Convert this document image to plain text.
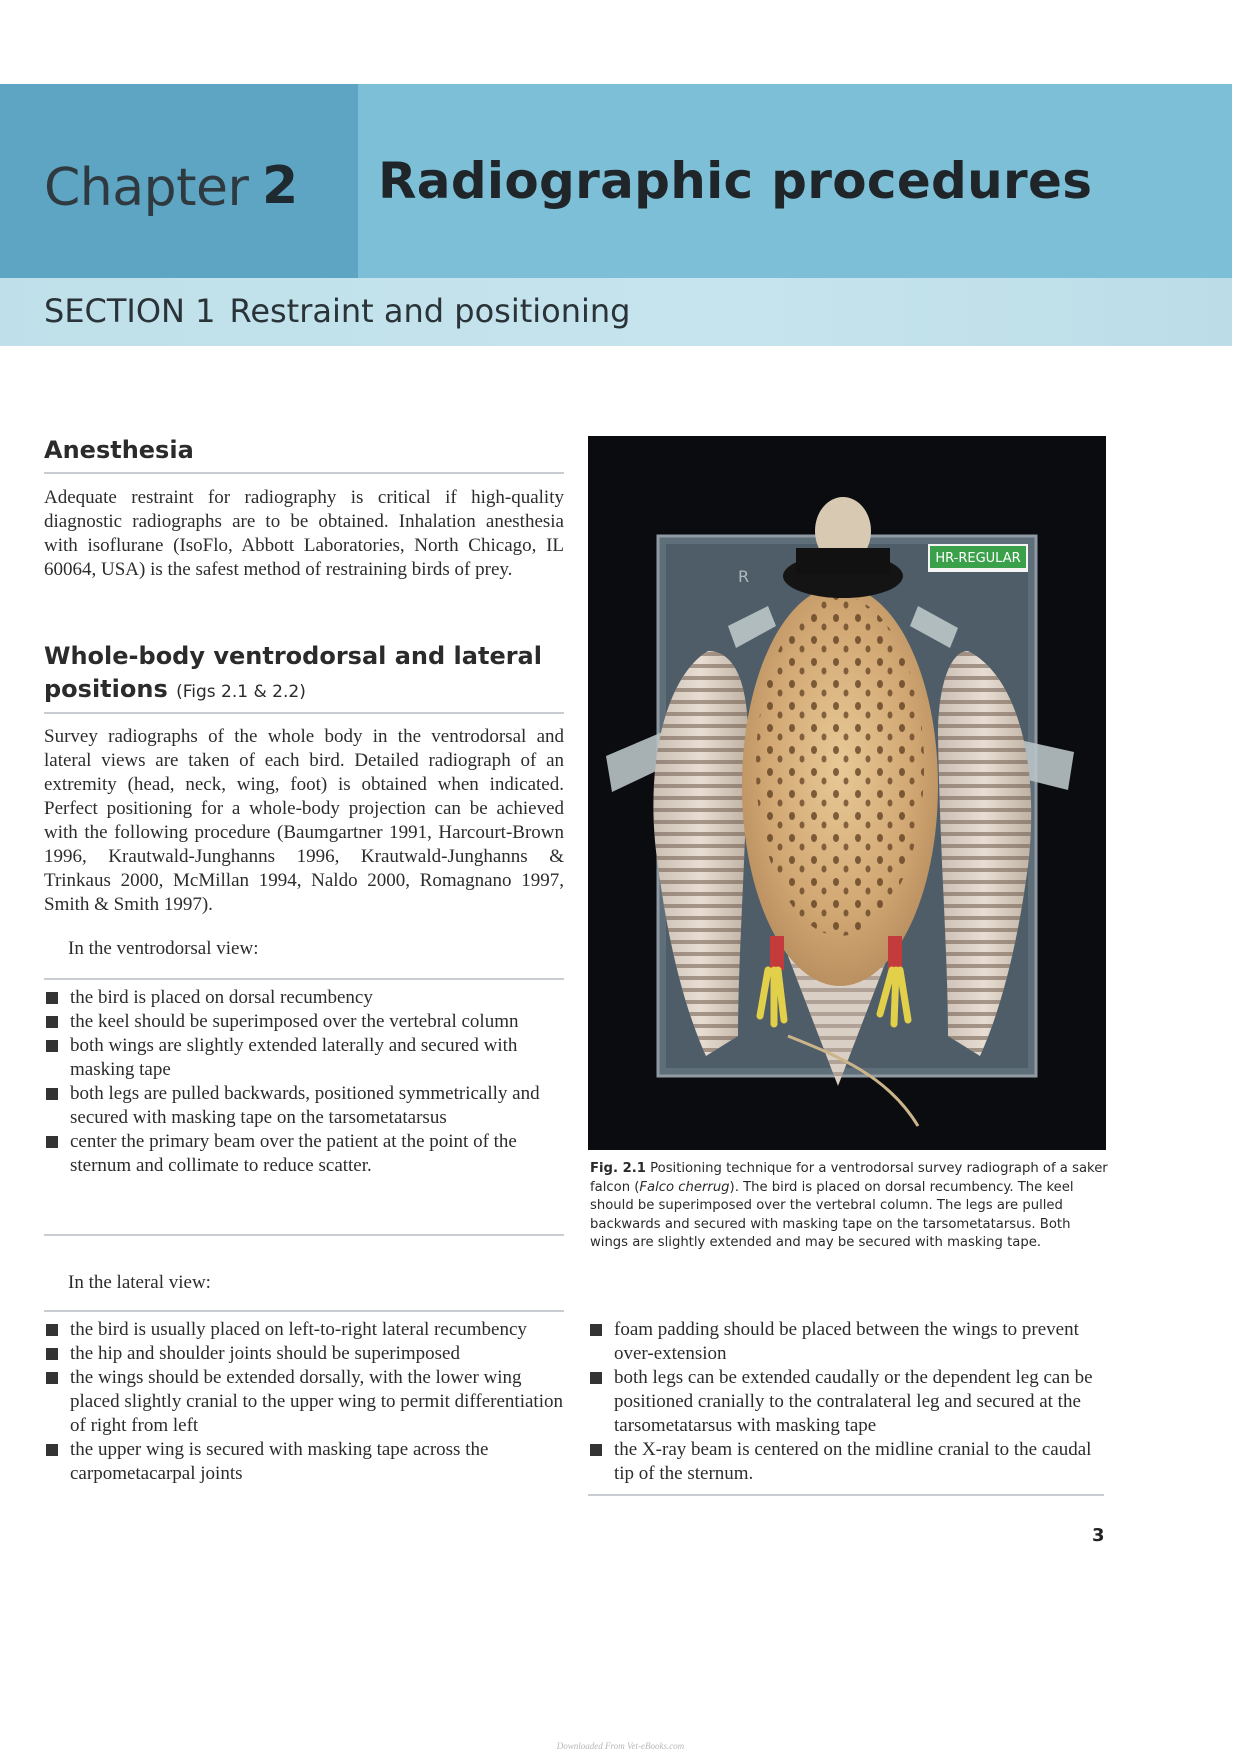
Chapter 2 Radiographic procedures
SECTION 1 Restraint and positioning
Anesthesia
Adequate restraint for radiography is critical if high-quality diagnostic radiographs are to be obtained. Inhalation anesthesia with isoflurane (IsoFlo, Abbott Laboratories, North Chicago, IL 60064, USA) is the safest method of restraining birds of prey.
Whole-body ventrodorsal and lateral positions (Figs 2.1 & 2.2)
Survey radiographs of the whole body in the ventrodorsal and lateral views are taken of each bird. Detailed radiograph of an extremity (head, neck, wing, foot) is obtained when indicated. Perfect positioning for a whole-body projection can be achieved with the following procedure (Baumgartner 1991, Harcourt-Brown 1996, Krautwald-Junghanns 1996, Krautwald-Junghanns & Trinkaus 2000, McMillan 1994, Naldo 2000, Romagnano 1997, Smith & Smith 1997).
In the ventrodorsal view:
the bird is placed on dorsal recumbency
the keel should be superimposed over the vertebral column
both wings are slightly extended laterally and secured with masking tape
both legs are pulled backwards, positioned symmetrically and secured with masking tape on the tarsometatarsus
center the primary beam over the patient at the point of the sternum and collimate to reduce scatter.
In the lateral view:
the bird is usually placed on left-to-right lateral recumbency
the hip and shoulder joints should be superimposed
the wings should be extended dorsally, with the lower wing placed slightly cranial to the upper wing to permit differentiation of right from left
the upper wing is secured with masking tape across the carpometacarpal joints
foam padding should be placed between the wings to prevent over-extension
both legs can be extended caudally or the dependent leg can be positioned cranially to the contralateral leg and secured at the tarsometatarsus with masking tape
the X-ray beam is centered on the midline cranial to the caudal tip of the sternum.
HR-REGULAR
R
Fig. 2.1 Positioning technique for a ventrodorsal survey radiograph of a saker falcon (Falco cherrug). The bird is placed on dorsal recumbency. The keel should be superimposed over the vertebral column. The legs are pulled backwards and secured with masking tape on the tarsometatarsus. Both wings are slightly extended and may be secured with masking tape.
3
Downloaded From Vet-eBooks.com
